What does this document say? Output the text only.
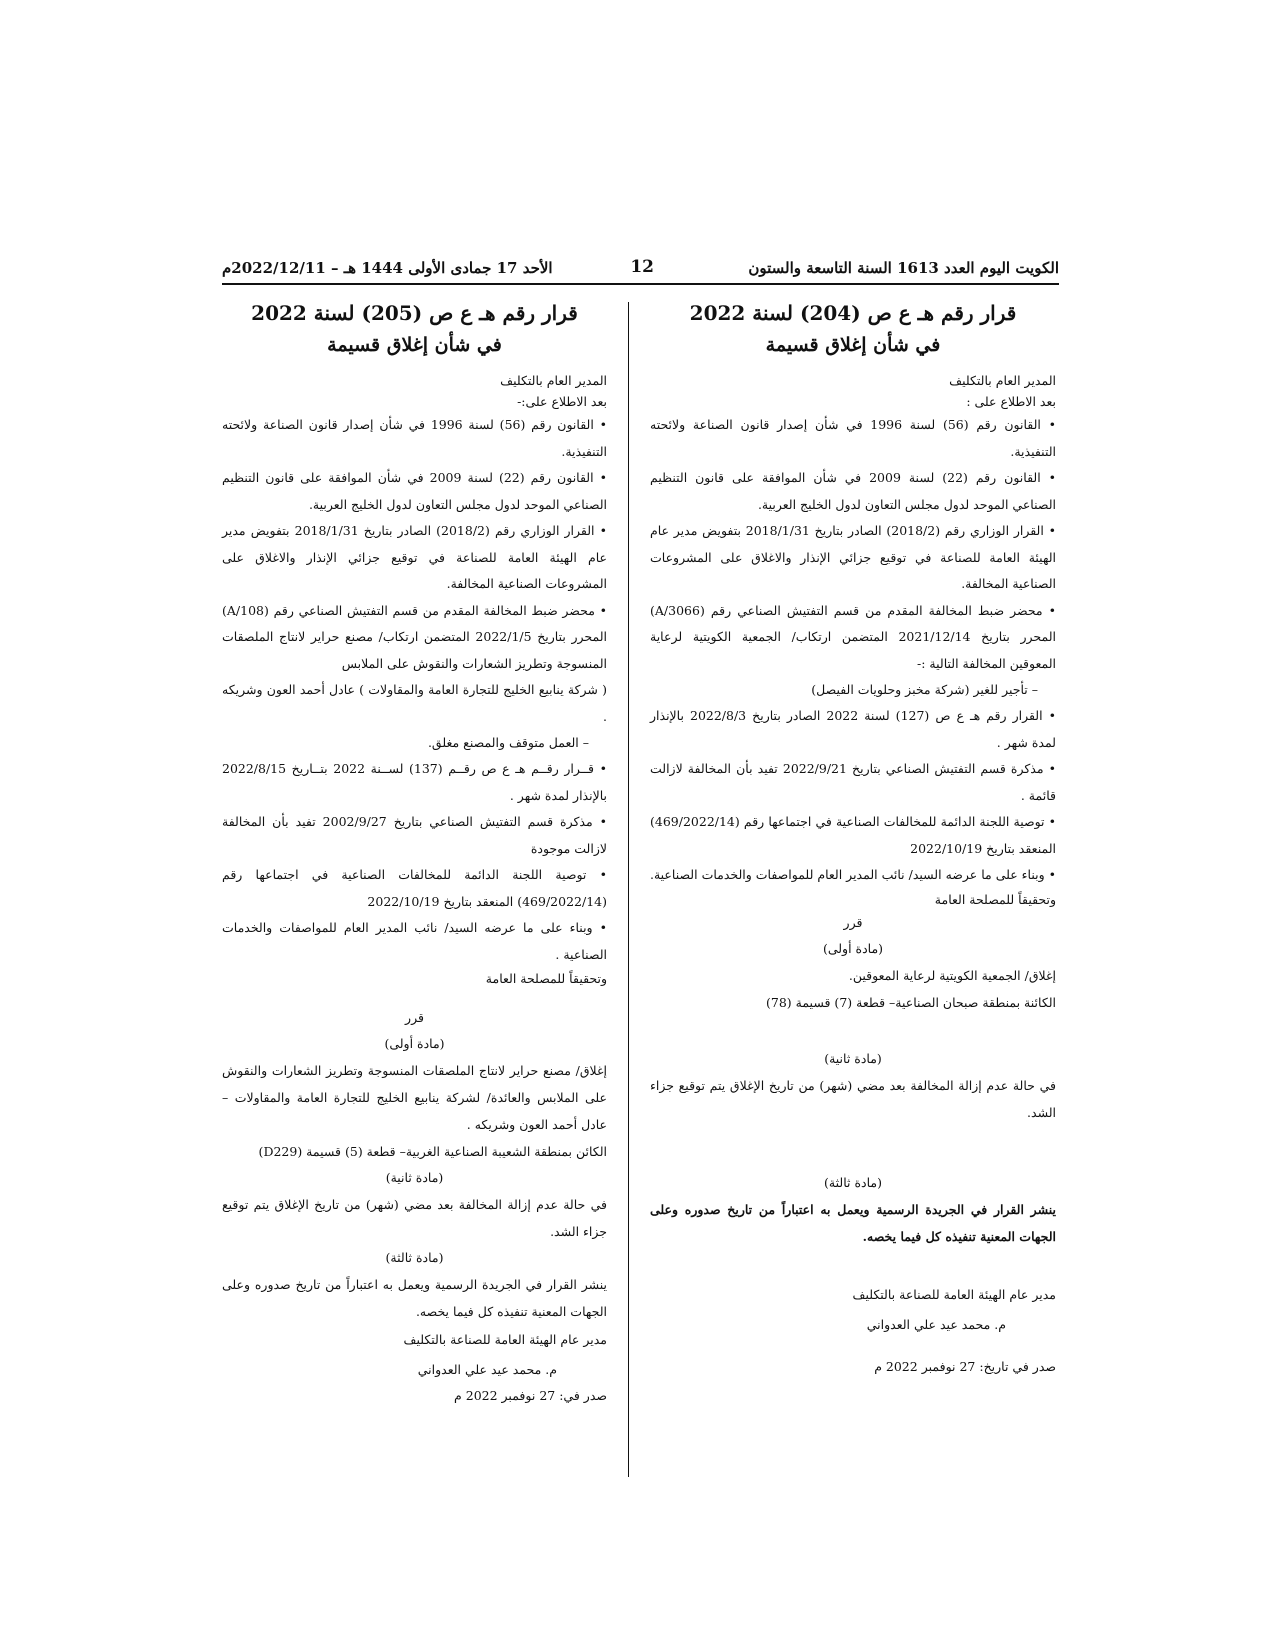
الكويت اليوم العدد 1613 السنة التاسعة والستون
12
الأحد 17 جمادى الأولى 1444 هـ – 2022/12/11م

قرار رقم هـ ع ص (204) لسنة 2022

في شأن إغلاق قسيمة

المدير العام بالتكليف

بعد الاطلاع على :

• القانون رقم (56) لسنة 1996 في شأن إصدار قانون الصناعة ولائحته التنفيذية.

• القانون رقم (22) لسنة 2009 في شأن الموافقة على قانون التنظيم الصناعي الموحد لدول مجلس التعاون لدول الخليج العربية.

• القرار الوزاري رقم (2018/2) الصادر بتاريخ 2018/1/31 بتفويض مدير عام الهيئة العامة للصناعة في توقيع جزائي الإنذار والاغلاق على المشروعات الصناعية المخالفة.

• محضر ضبط المخالفة المقدم من قسم التفتيش الصناعي رقم (3066/A) المحرر بتاريخ 2021/12/14 المتضمن ارتكاب/ الجمعية الكويتية لرعاية المعوقين المخالفة التالية :-

– تأجير للغير (شركة مخبز وحلويات الفيصل)

• القرار رقم هـ ع ص (127) لسنة 2022 الصادر بتاريخ 2022/8/3 بالإنذار لمدة شهر .

• مذكرة قسم التفتيش الصناعي بتاريخ 2022/9/21 تفيد بأن المخالفة لازالت قائمة .

• توصية اللجنة الدائمة للمخالفات الصناعية في اجتماعها رقم (469/2022/14) المنعقد بتاريخ 2022/10/19

• وبناء على ما عرضه السيد/ نائب المدير العام للمواصفات والخدمات الصناعية.

وتحقيقاً للمصلحة العامة

قرر

(مادة أولى)

إغلاق/ الجمعية الكويتية لرعاية المعوقين.

الكائنة بمنطقة صبحان الصناعية– قطعة (7) قسيمة (78)

(مادة ثانية)

في حالة عدم إزالة المخالفة بعد مضي (شهر) من تاريخ الإغلاق يتم توقيع جزاء الشد.

(مادة ثالثة)

ينشر القرار في الجريدة الرسمية ويعمل به اعتباراً من تاريخ صدوره وعلى الجهات المعنية تنفيذه كل فيما يخصه.

مدير عام الهيئة العامة للصناعة بالتكليف

م. محمد عيد علي العدواني

صدر في تاريخ: 27 نوفمبر 2022 م

قرار رقم هـ ع ص (205) لسنة 2022

في شأن إغلاق قسيمة

المدير العام بالتكليف

بعد الاطلاع على:-

• القانون رقم (56) لسنة 1996 في شأن إصدار قانون الصناعة ولائحته التنفيذية.

• القانون رقم (22) لسنة 2009 في شأن الموافقة على قانون التنظيم الصناعي الموحد لدول مجلس التعاون لدول الخليج العربية.

• القرار الوزاري رقم (2018/2) الصادر بتاريخ 2018/1/31 بتفويض مدير عام الهيئة العامة للصناعة في توقيع جزائي الإنذار والاغلاق على المشروعات الصناعية المخالفة.

• محضر ضبط المخالفة المقدم من قسم التفتيش الصناعي رقم (108/A) المحرر بتاريخ 2022/1/5 المتضمن ارتكاب/ مصنع حراير لانتاج الملصقات المنسوجة وتطريز الشعارات والنقوش على الملابس

( شركة ينابيع الخليج للتجارة العامة والمقاولات ) عادل أحمد العون وشريكه .

– العمل متوقف والمصنع مغلق.

• قــرار رقــم هـ ع ص رقــم (137) لســنة 2022 بتــاريخ 2022/8/15 بالإنذار لمدة شهر .

• مذكرة قسم التفتيش الصناعي بتاريخ 2002/9/27 تفيد بأن المخالفة لازالت موجودة

• توصية اللجنة الدائمة للمخالفات الصناعية في اجتماعها رقم (469/2022/14) المنعقد بتاريخ 2022/10/19

• وبناء على ما عرضه السيد/ نائب المدير العام للمواصفات والخدمات الصناعية .

وتحقيقاً للمصلحة العامة

قرر

(مادة أولى)

إغلاق/ مصنع حراير لانتاج الملصقات المنسوجة وتطريز الشعارات والنقوش على الملابس والعائدة/ لشركة ينابيع الخليج للتجارة العامة والمقاولات – عادل أحمد العون وشريكه .

الكائن بمنطقة الشعيبة الصناعية الغربية– قطعة (5) قسيمة (D229)

(مادة ثانية)

في حالة عدم إزالة المخالفة بعد مضي (شهر) من تاريخ الإغلاق يتم توقيع جزاء الشد.

(مادة ثالثة)

ينشر القرار في الجريدة الرسمية ويعمل به اعتباراً من تاريخ صدوره وعلى الجهات المعنية تنفيذه كل فيما يخصه.

مدير عام الهيئة العامة للصناعة بالتكليف

م. محمد عيد علي العدواني

صدر في: 27 نوفمبر 2022 م
